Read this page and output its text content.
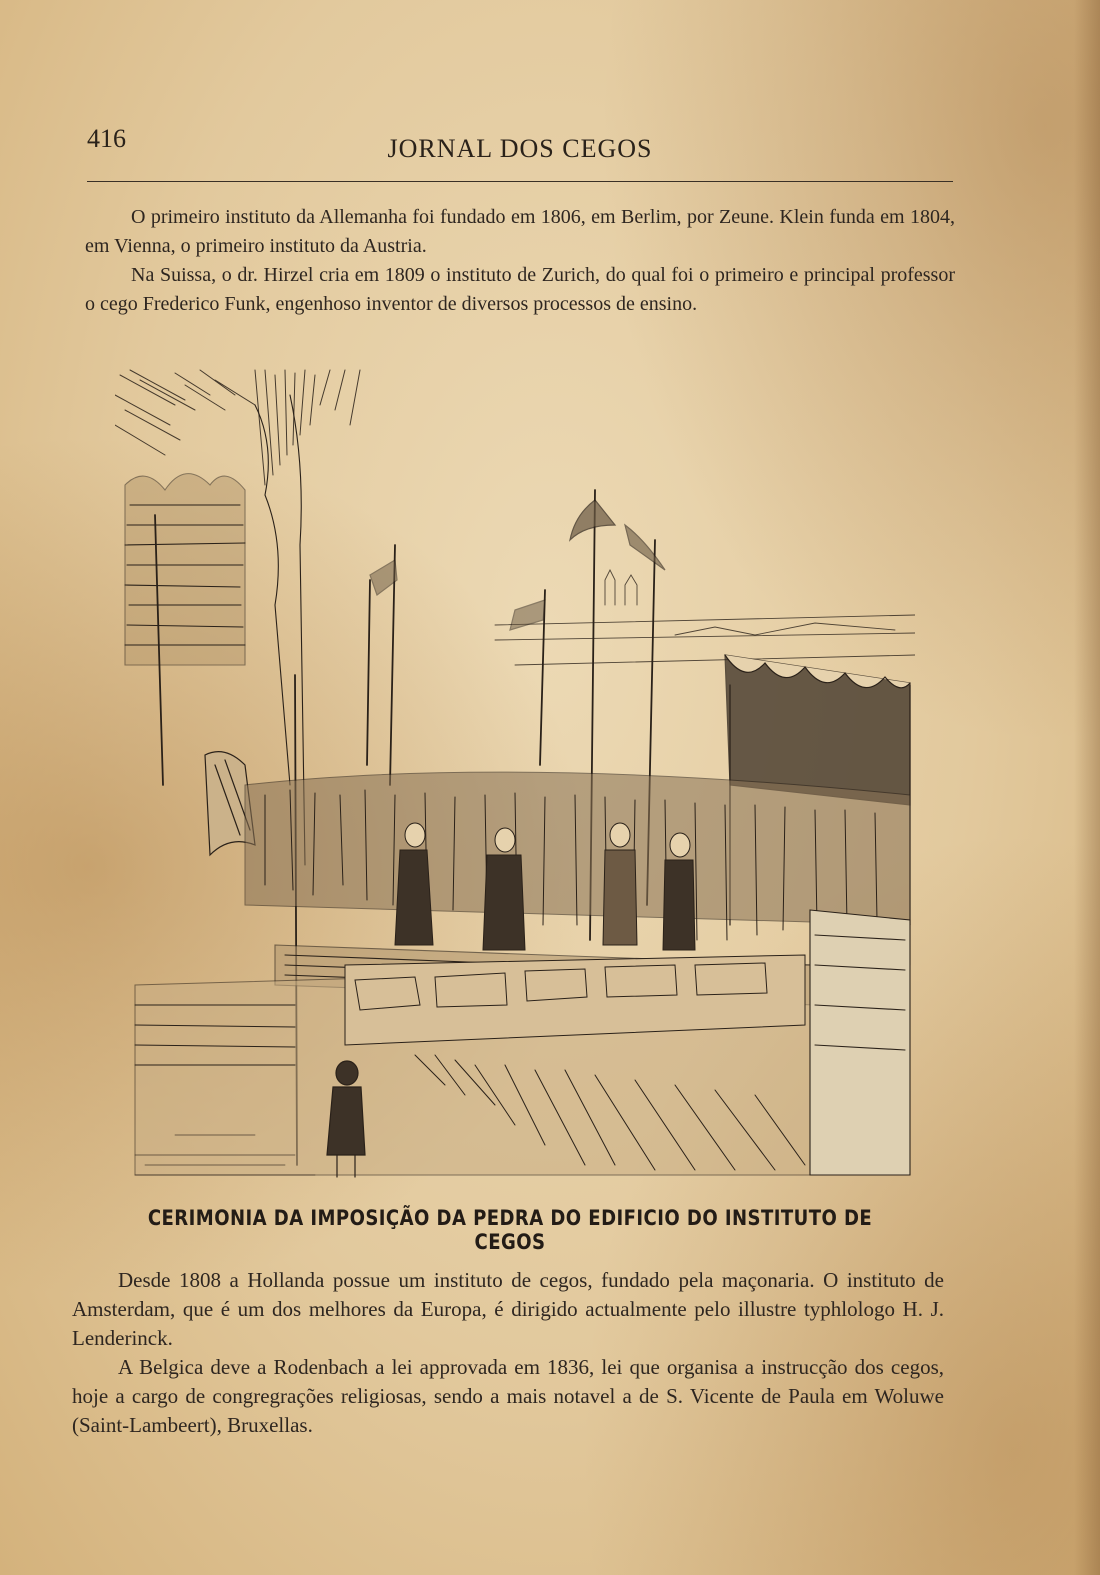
416	JORNAL DOS CEGOS

O primeiro instituto da Allemanha foi fundado em 1806, em Berlim, por Zeune. Klein funda em 1804, em Vienna, o primeiro instituto da Austria.

Na Suissa, o dr. Hirzel cria em 1809 o instituto de Zurich, do qual foi o primeiro e principal professor o cego Frederico Funk, engenhoso inventor de diversos processos de ensino.

CERIMONIA DA IMPOSIÇÃO DA PEDRA DO EDIFICIO DO INSTITUTO DE CEGOS

Desde 1808 a Hollanda possue um instituto de cegos, fundado pela maçonaria. O instituto de Amsterdam, que é um dos melhores da Europa, é dirigido actualmente pelo illustre typhlologo H. J. Lenderinck.

A Belgica deve a Rodenbach a lei approvada em 1836, lei que organisa a instrucção dos cegos, hoje a cargo de congregrações religiosas, sendo a mais notavel a de S. Vicente de Paula em Woluwe (Saint-Lambeert), Bruxellas.
